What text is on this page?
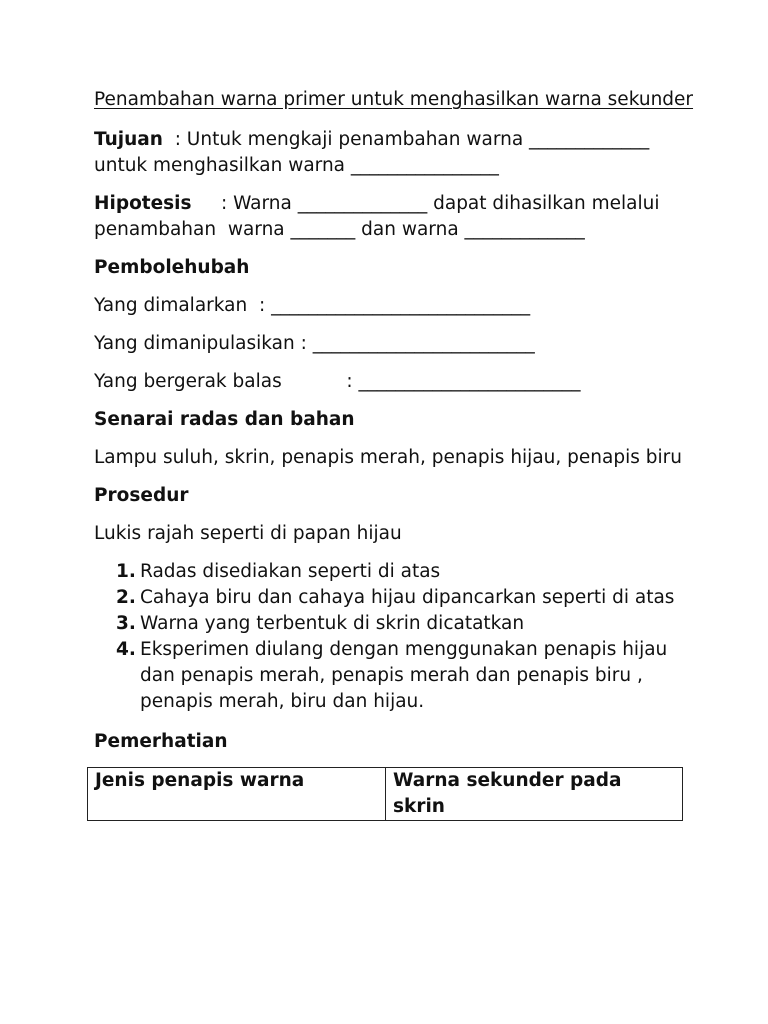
Penambahan warna primer untuk menghasilkan warna sekunder

Tujuan  : Untuk mengkaji penambahan warna _____________ untuk menghasilkan warna ________________

Hipotesis     : Warna ______________ dapat dihasilkan melalui penambahan  warna _______ dan warna _____________

Pembolehubah

Yang dimalarkan  : ____________________________

Yang dimanipulasikan : ________________________

Yang bergerak balas           : ________________________

Senarai radas dan bahan

Lampu suluh, skrin, penapis merah, penapis hijau, penapis biru

Prosedur

Lukis rajah seperti di papan hijau

1. Radas disediakan seperti di atas
2. Cahaya biru dan cahaya hijau dipancarkan seperti di atas
3. Warna yang terbentuk di skrin dicatatkan
4. Eksperimen diulang dengan menggunakan penapis hijau dan penapis merah, penapis merah dan penapis biru , penapis merah, biru dan hijau.

Pemerhatian

Jenis penapis warna	Warna sekunder pada skrin
